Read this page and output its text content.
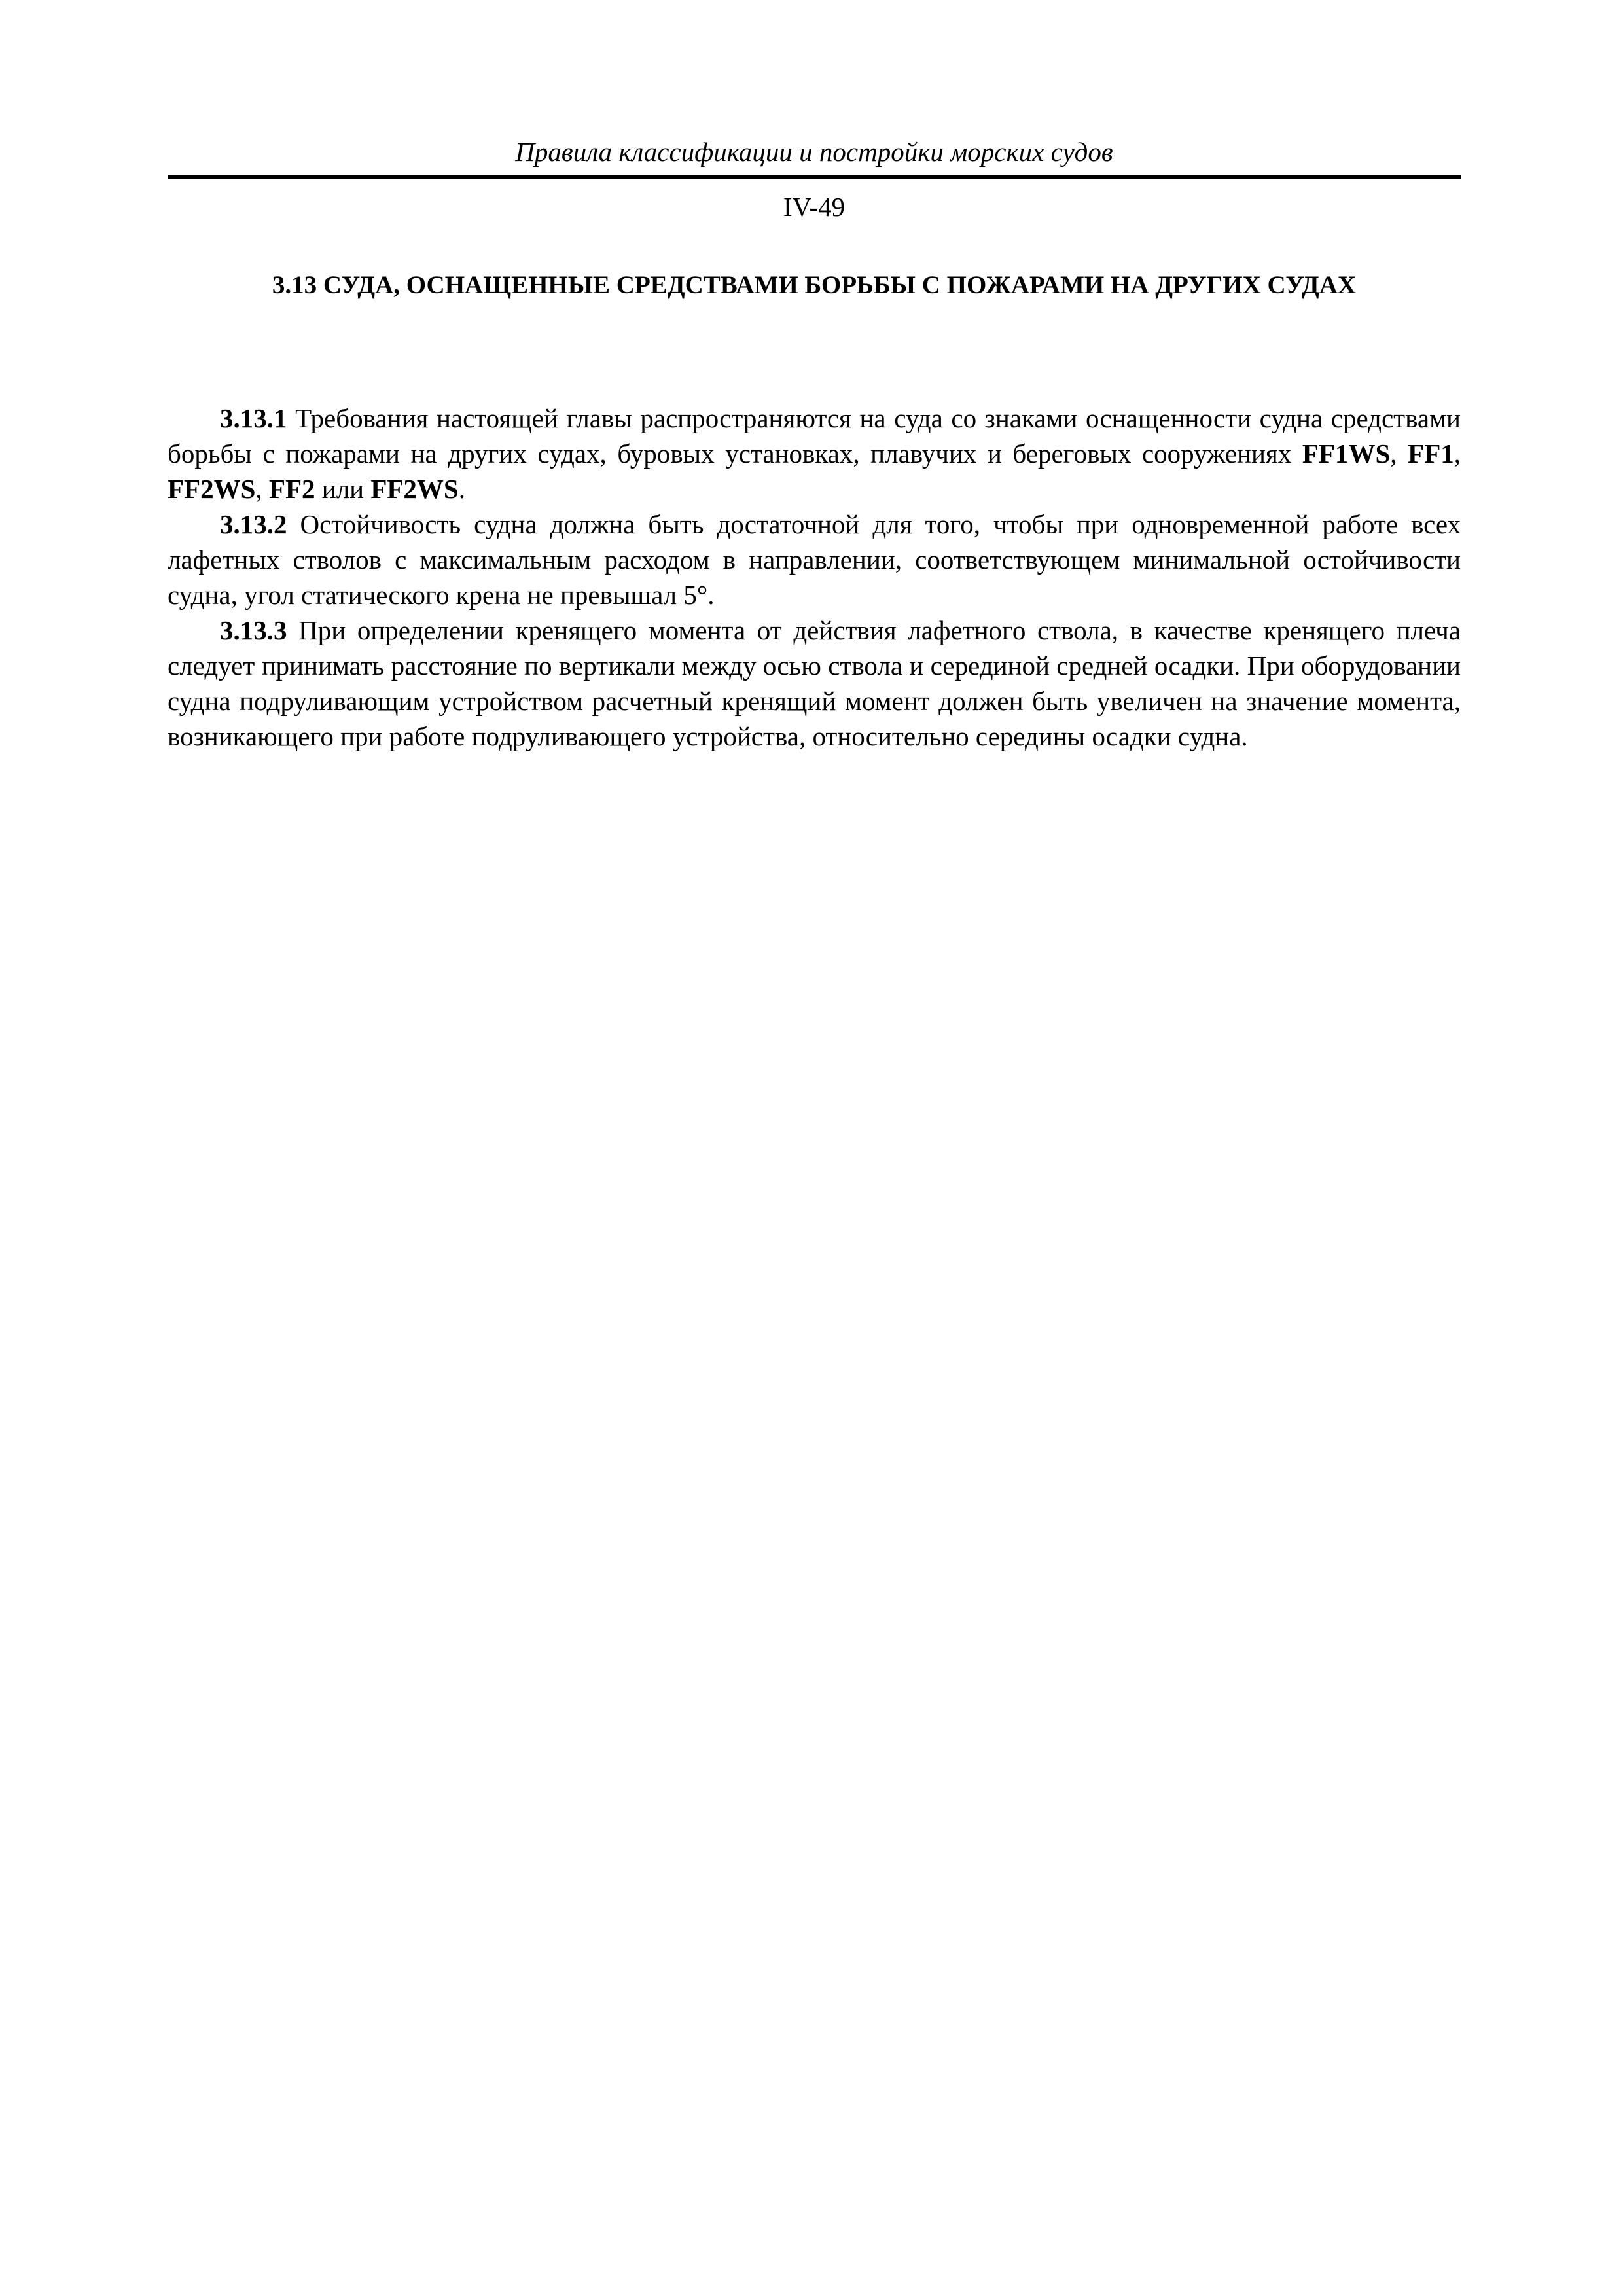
Правила классификации и постройки морских судов
IV-49
3.13 СУДА, ОСНАЩЕННЫЕ СРЕДСТВАМИ БОРЬБЫ С ПОЖАРАМИ НА ДРУГИХ СУДАХ

3.13.1 Требования настоящей главы распространяются на суда со знаками оснащенности судна средствами борьбы с пожарами на других судах, буровых установках, плавучих и береговых сооружениях FF1WS, FF1, FF2WS, FF2 или FF2WS.

3.13.2 Остойчивость судна должна быть достаточной для того, чтобы при одновременной работе всех лафетных стволов с максимальным расходом в направлении, соответствующем минимальной остойчивости судна, угол статического крена не превышал 5°.

3.13.3 При определении кренящего момента от действия лафетного ствола, в качестве кренящего плеча следует принимать расстояние по вертикали между осью ствола и серединой средней осадки. При оборудовании судна подруливающим устройством расчетный кренящий момент должен быть увеличен на значение момента, возникающего при работе подруливающего устройства, относительно середины осадки судна.
